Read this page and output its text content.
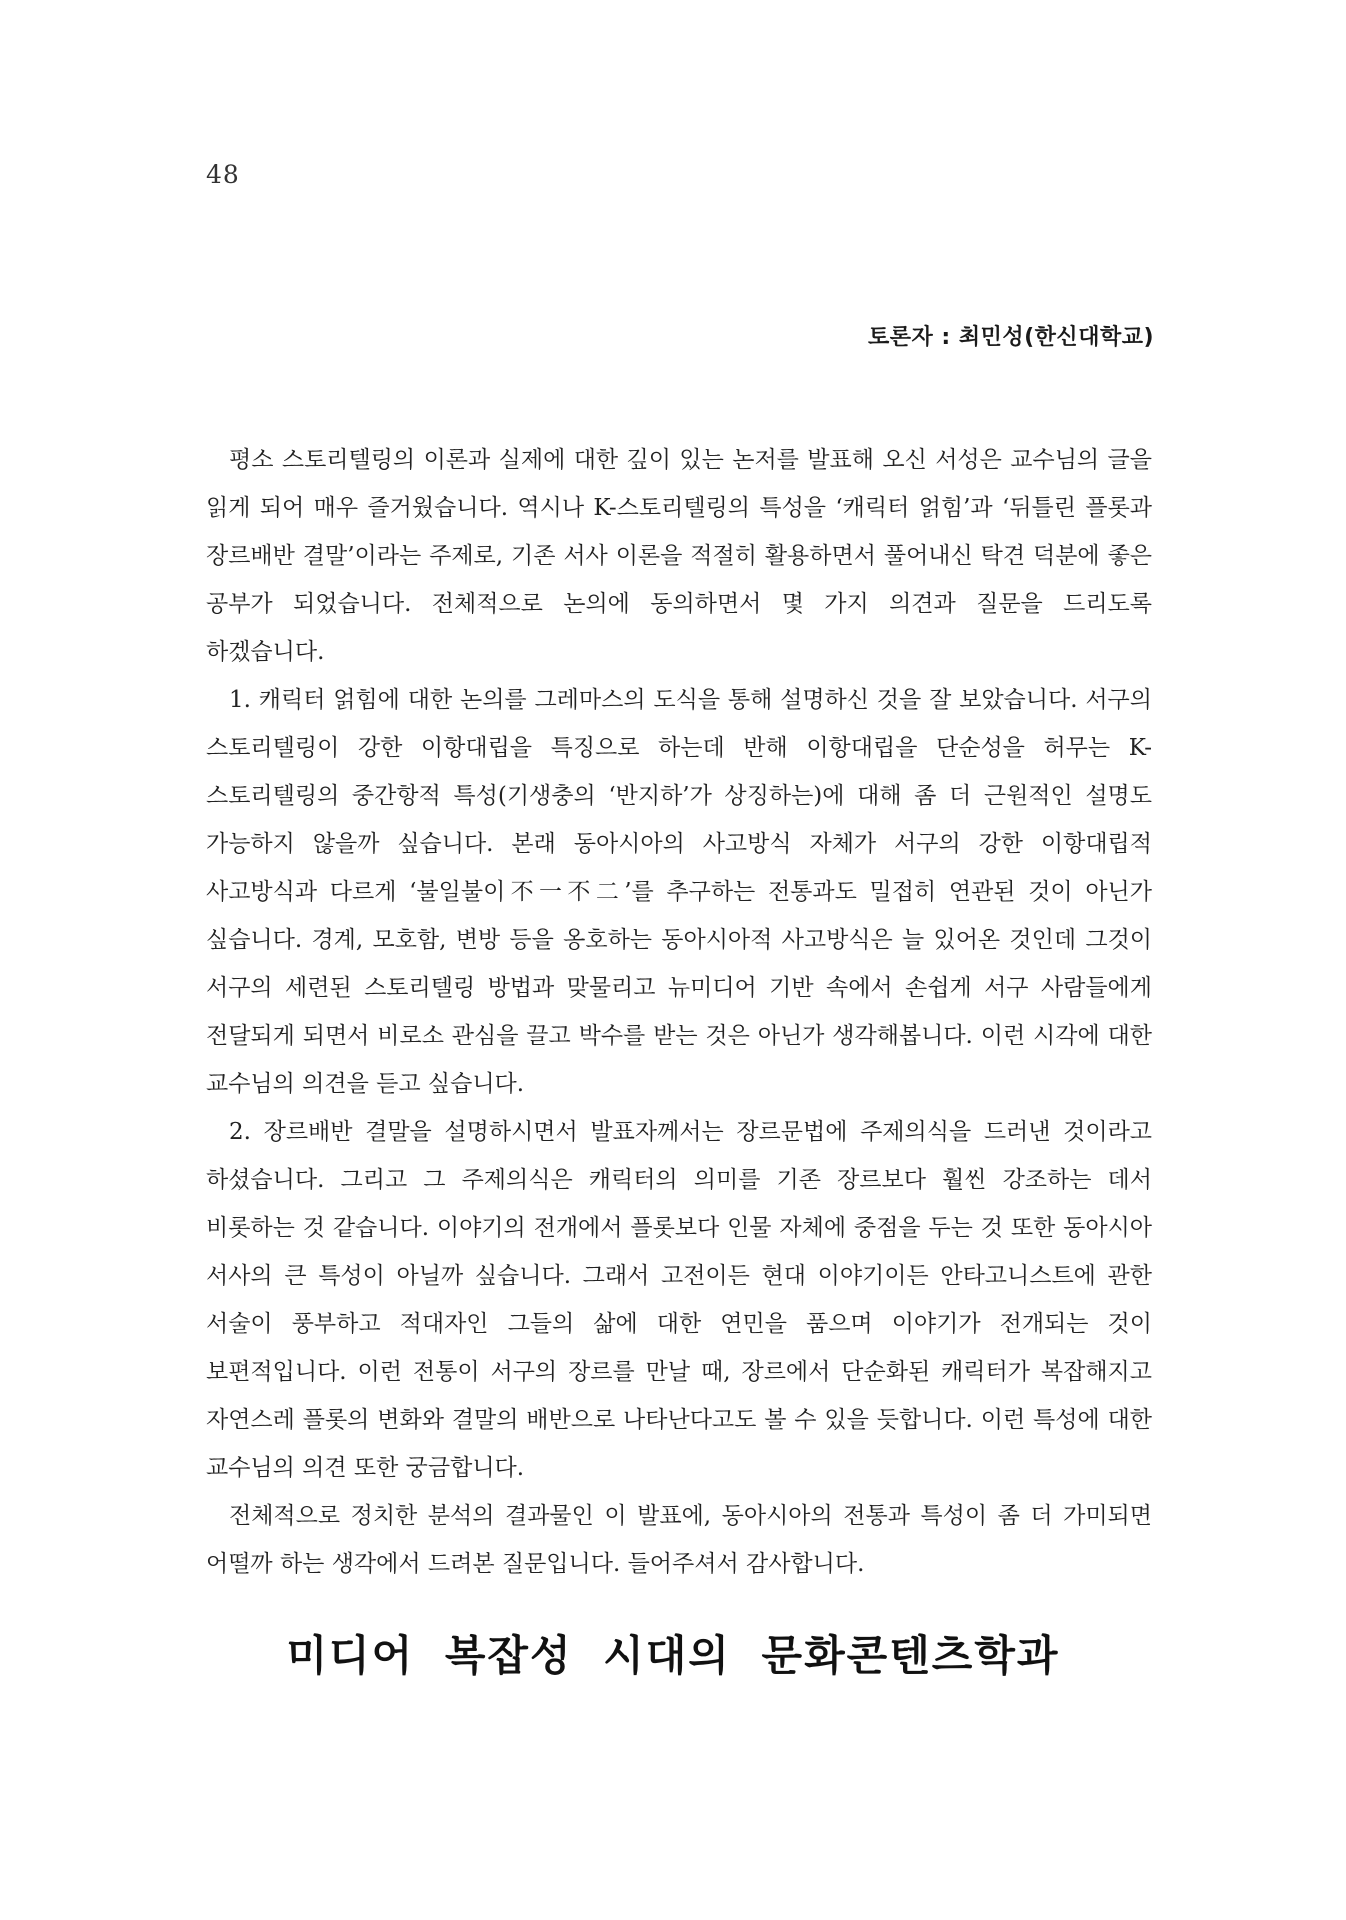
48
토론자 : 최민성(한신대학교)

평소 스토리텔링의 이론과 실제에 대한 깊이 있는 논저를 발표해 오신 서성은 교수님의 글을 읽게 되어 매우 즐거웠습니다. 역시나 K-스토리텔링의 특성을 ‘캐릭터 얽힘’과 ‘뒤틀린 플롯과 장르배반 결말’이라는 주제로, 기존 서사 이론을 적절히 활용하면서 풀어내신 탁견 덕분에 좋은 공부가 되었습니다. 전체적으로 논의에 동의하면서 몇 가지 의견과 질문을 드리도록 하겠습니다.

1. 캐릭터 얽힘에 대한 논의를 그레마스의 도식을 통해 설명하신 것을 잘 보았습니다. 서구의 스토리텔링이 강한 이항대립을 특징으로 하는데 반해 이항대립을 단순성을 허무는 K-스토리텔링의 중간항적 특성(기생충의 ‘반지하’가 상징하는)에 대해 좀 더 근원적인 설명도 가능하지 않을까 싶습니다. 본래 동아시아의 사고방식 자체가 서구의 강한 이항대립적 사고방식과 다르게 ‘불일불이不一不二’를 추구하는 전통과도 밀접히 연관된 것이 아닌가 싶습니다. 경계, 모호함, 변방 등을 옹호하는 동아시아적 사고방식은 늘 있어온 것인데 그것이 서구의 세련된 스토리텔링 방법과 맞물리고 뉴미디어 기반 속에서 손쉽게 서구 사람들에게 전달되게 되면서 비로소 관심을 끌고 박수를 받는 것은 아닌가 생각해봅니다. 이런 시각에 대한 교수님의 의견을 듣고 싶습니다.

2. 장르배반 결말을 설명하시면서 발표자께서는 장르문법에 주제의식을 드러낸 것이라고 하셨습니다. 그리고 그 주제의식은 캐릭터의 의미를 기존 장르보다 훨씬 강조하는 데서 비롯하는 것 같습니다. 이야기의 전개에서 플롯보다 인물 자체에 중점을 두는 것 또한 동아시아 서사의 큰 특성이 아닐까 싶습니다. 그래서 고전이든 현대 이야기이든 안타고니스트에 관한 서술이 풍부하고 적대자인 그들의 삶에 대한 연민을 품으며 이야기가 전개되는 것이 보편적입니다. 이런 전통이 서구의 장르를 만날 때, 장르에서 단순화된 캐릭터가 복잡해지고 자연스레 플롯의 변화와 결말의 배반으로 나타난다고도 볼 수 있을 듯합니다. 이런 특성에 대한 교수님의 의견 또한 궁금합니다.

전체적으로 정치한 분석의 결과물인 이 발표에, 동아시아의 전통과 특성이 좀 더 가미되면 어떨까 하는 생각에서 드려본 질문입니다. 들어주셔서 감사합니다.

미디어 복잡성 시대의 문화콘텐츠학과
